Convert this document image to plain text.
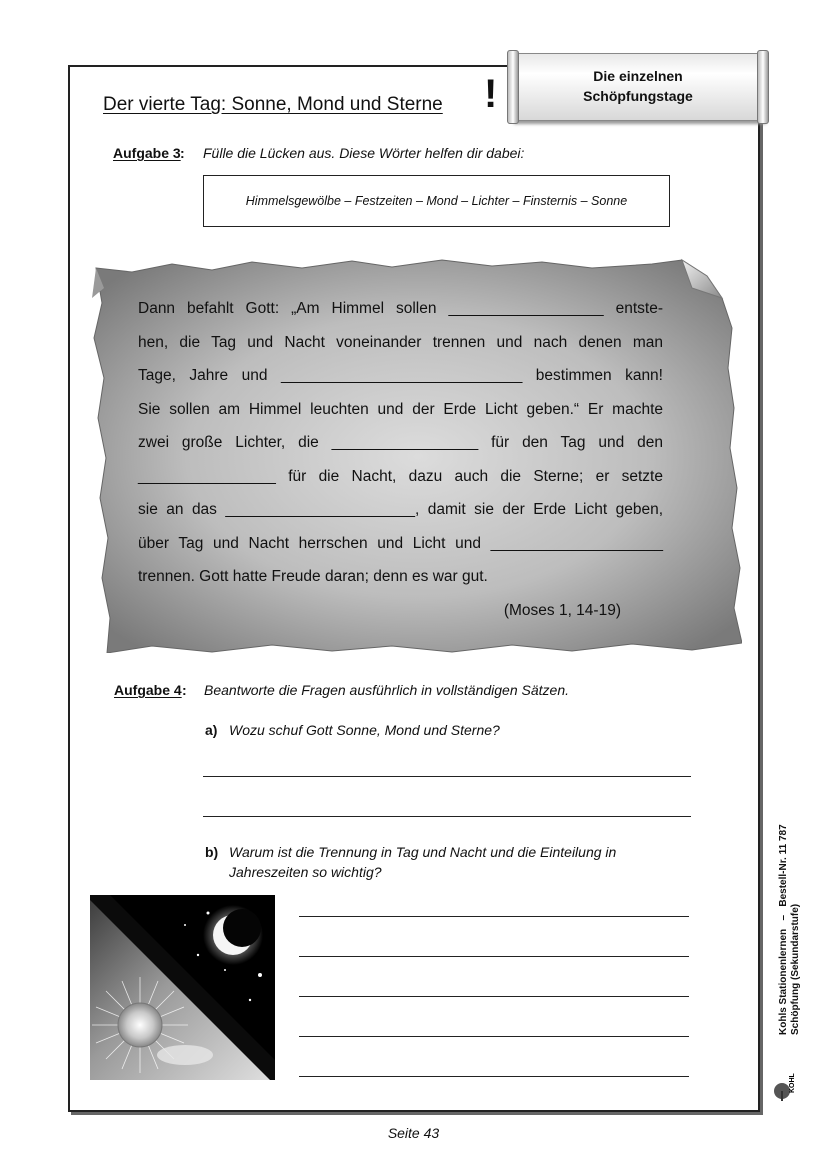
Die einzelnen
Schöpfungstage
Der vierte Tag: Sonne, Mond und Sterne !
Aufgabe 3 : Fülle die Lücken aus. Diese Wörter helfen dir dabei:
Himmelsgewölbe – Festzeiten – Mond – Lichter – Finsternis – Sonne
Dann befahlt Gott: „Am Himmel sollen __________________ entste-
hen, die Tag und Nacht voneinander trennen und nach denen man
Tage, Jahre und ____________________________ bestimmen kann!
Sie sollen am Himmel leuchten und der Erde Licht geben.“ Er machte
zwei große Lichter, die _________________ für den Tag und den
________________ für die Nacht, dazu auch die Sterne; er setzte
sie an das ______________________, damit sie der Erde Licht geben,
über Tag und Nacht herrschen und Licht und ____________________
trennen. Gott hatte Freude daran; denn es war gut.
(Moses 1, 14-19)
Aufgabe 4 : Beantworte die Fragen ausführlich in vollständigen Sätzen.
a) Wozu schuf Gott Sonne, Mond und Sterne?
b) Warum ist die Trennung in Tag und Nacht und die Einteilung in
Jahreszeiten so wichtig?
Kohls Stationenlernen   –   Bestell-Nr. 11 787
Schöpfung (Sekundarstufe)
KOHL
Seite 43
